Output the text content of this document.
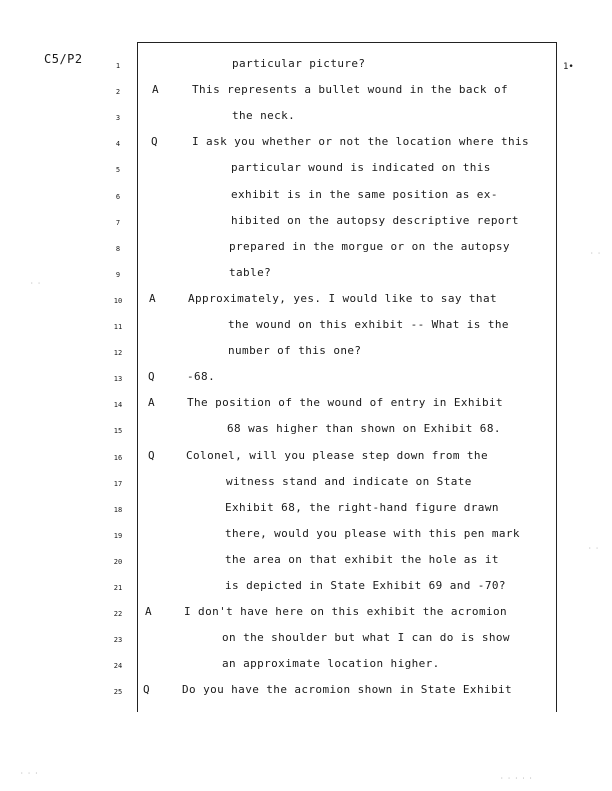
C5/P2
1•
1	particular picture?
2	A	This represents a bullet wound in the back of
3	the neck.
4	Q	I ask you whether or not the location where this
5	particular wound is indicated on this
6	exhibit is in the same position as ex-
7	hibited on the autopsy descriptive report
8	prepared in the morgue or on the autopsy
9	table?
10	A	Approximately, yes. I would like to say that
11	the wound on this exhibit -- What is the
12	number of this one?
13	Q	-68.
14	A	The position of the wound of entry in Exhibit
15	68 was higher than shown on Exhibit 68.
16	Q	Colonel, will you please step down from the
17	witness stand and indicate on State
18	Exhibit 68, the right-hand figure drawn
19	there, would you please with this pen mark
20	the area on that exhibit the hole as it
21	is depicted in State Exhibit 69 and -70?
22	A	I don't have here on this exhibit the acromion
23	on the shoulder but what I can do is show
24	an approximate location higher.
25	Q	Do you have the acromion shown in State Exhibit
· ·
· ·
· ·
· · ·
· · · · ·
